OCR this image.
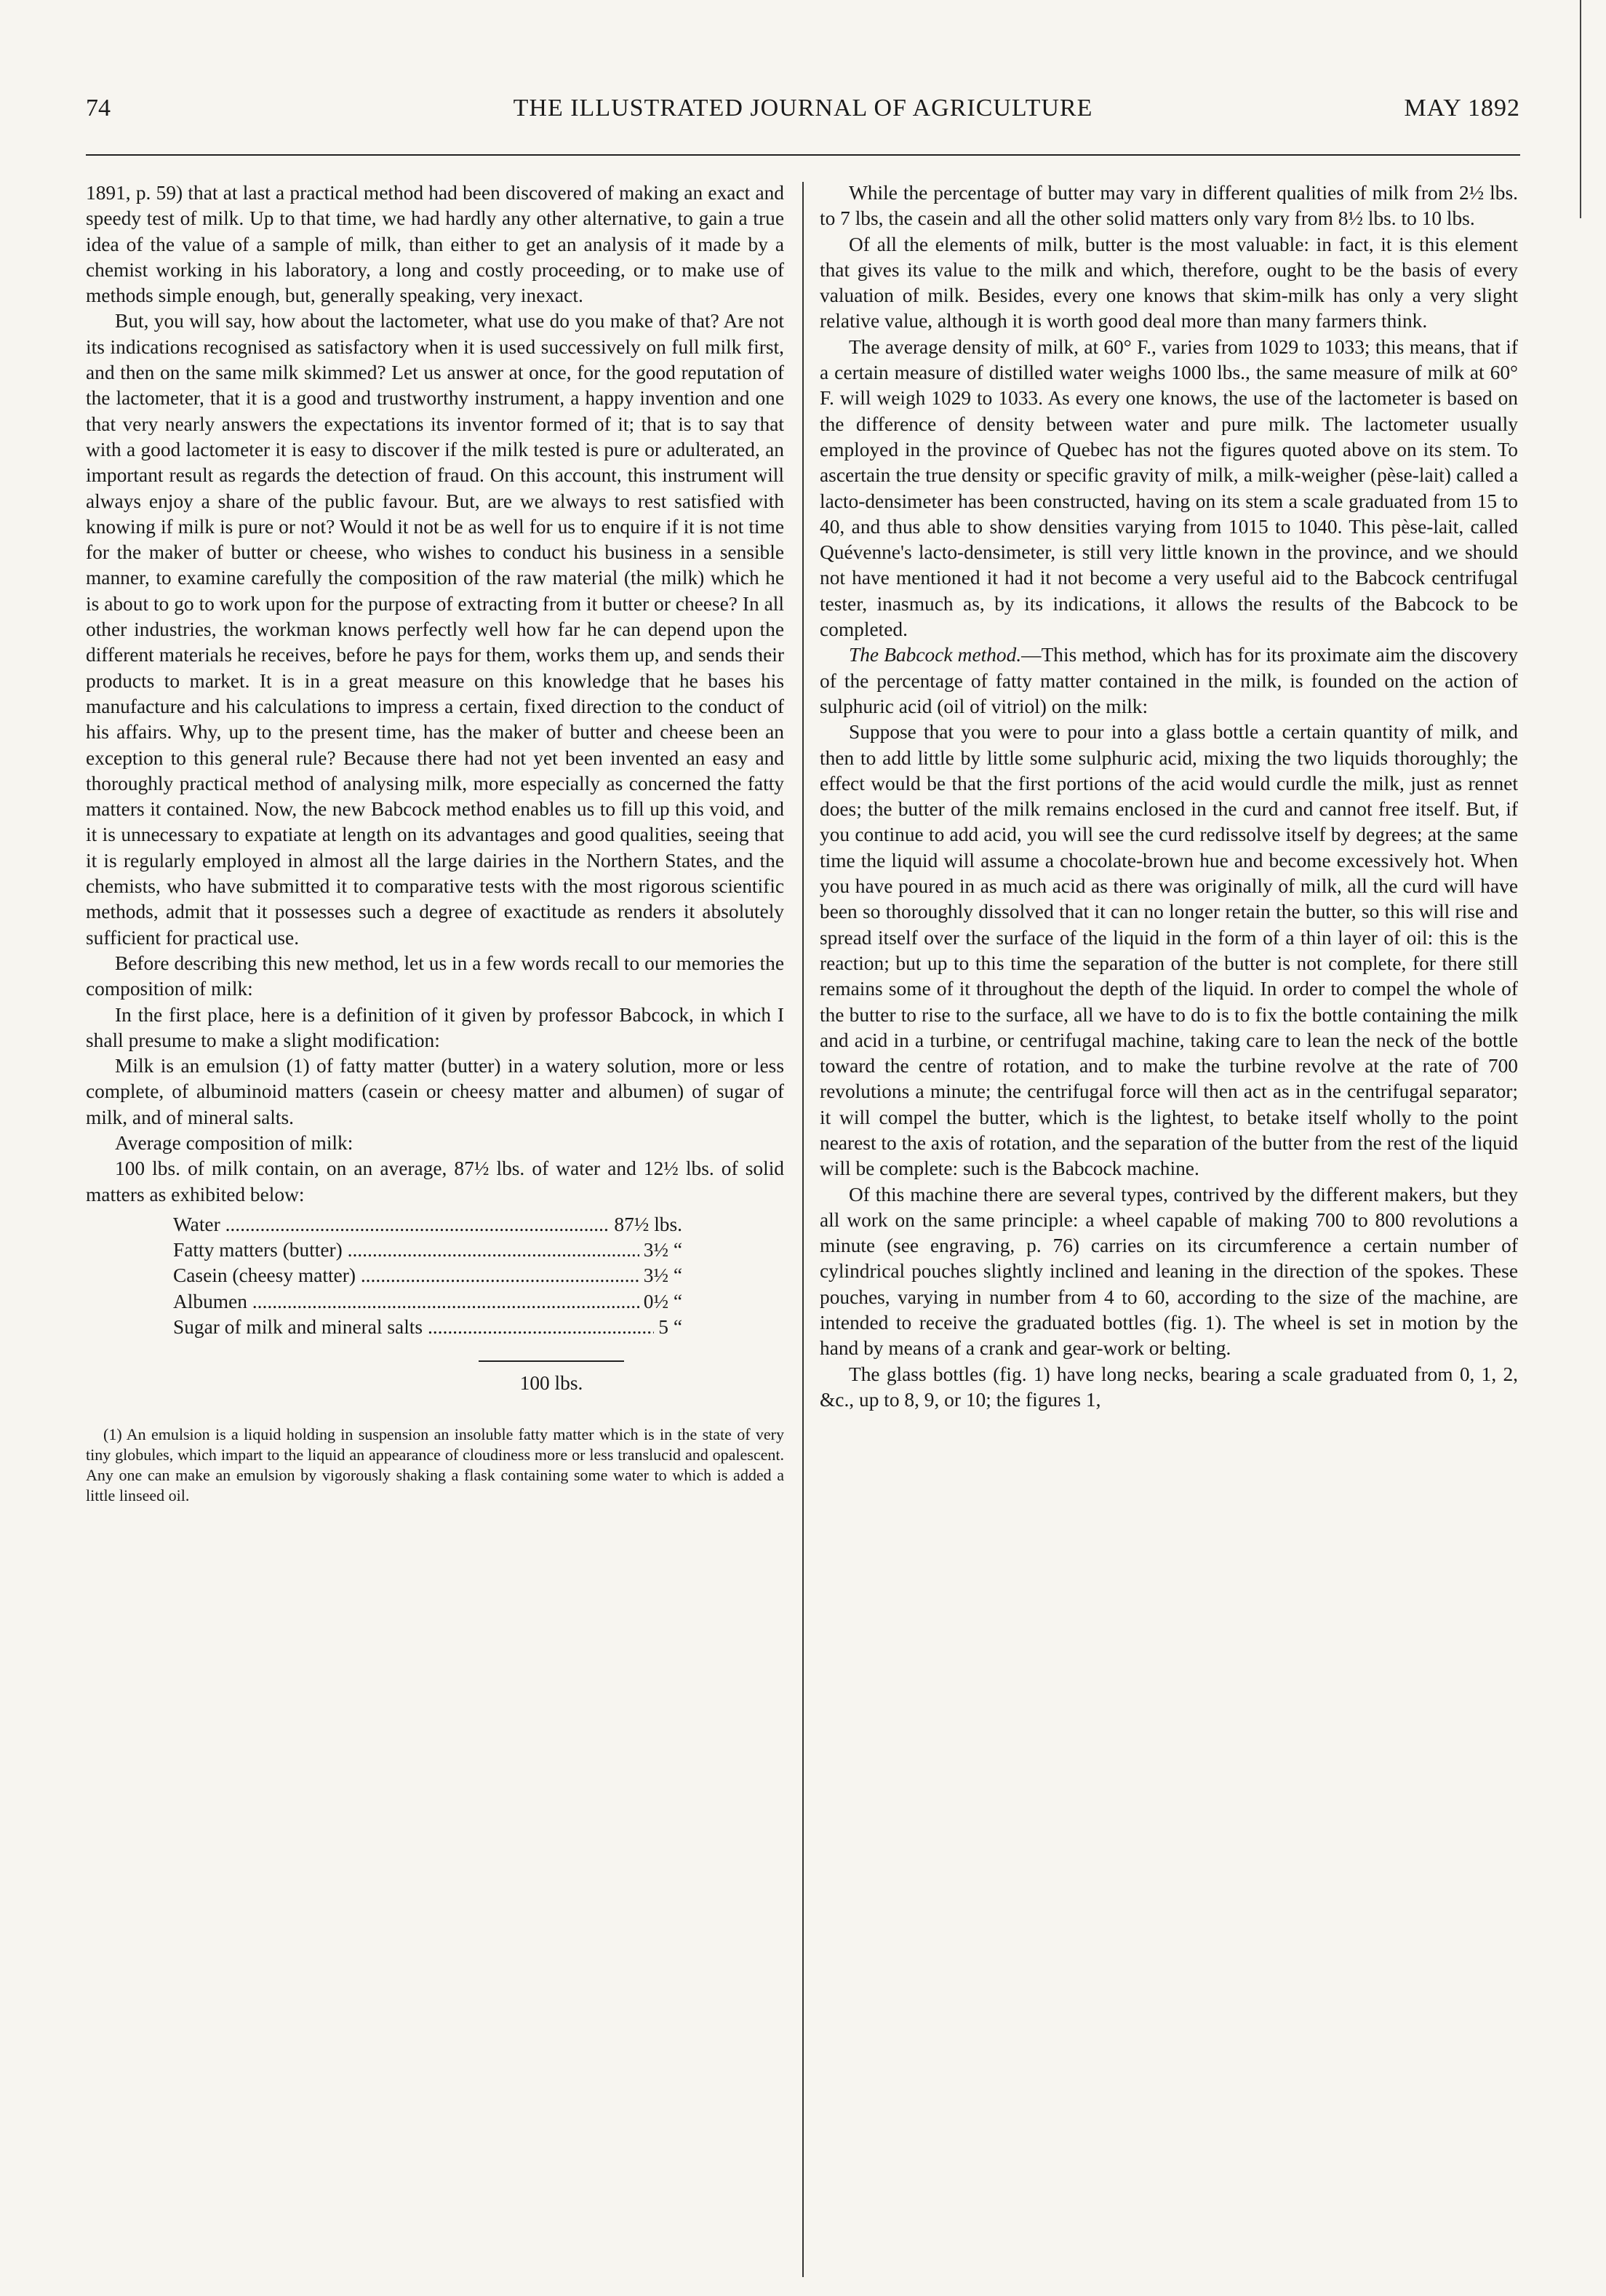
74	THE ILLUSTRATED JOURNAL OF AGRICULTURE	MAY 1892

1891, p. 59) that at last a practical method had been discovered of making an exact and speedy test of milk. Up to that time, we had hardly any other alternative, to gain a true idea of the value of a sample of milk, than either to get an analysis of it made by a chemist working in his laboratory, a long and costly proceeding, or to make use of methods simple enough, but, generally speaking, very inexact.

But, you will say, how about the lactometer, what use do you make of that? Are not its indications recognised as satisfactory when it is used successively on full milk first, and then on the same milk skimmed? Let us answer at once, for the good reputation of the lactometer, that it is a good and trustworthy instrument, a happy invention and one that very nearly answers the expectations its inventor formed of it; that is to say that with a good lactometer it is easy to discover if the milk tested is pure or adulterated, an important result as regards the detection of fraud. On this account, this instrument will always enjoy a share of the public favour. But, are we always to rest satisfied with knowing if milk is pure or not? Would it not be as well for us to enquire if it is not time for the maker of butter or cheese, who wishes to conduct his business in a sensible manner, to examine carefully the composition of the raw material (the milk) which he is about to go to work upon for the purpose of extracting from it butter or cheese? In all other industries, the workman knows perfectly well how far he can depend upon the different materials he receives, before he pays for them, works them up, and sends their products to market. It is in a great measure on this knowledge that he bases his manufacture and his calculations to impress a certain, fixed direction to the conduct of his affairs. Why, up to the present time, has the maker of butter and cheese been an exception to this general rule? Because there had not yet been invented an easy and thoroughly practical method of analysing milk, more especially as concerned the fatty matters it contained. Now, the new Babcock method enables us to fill up this void, and it is unnecessary to expatiate at length on its advantages and good qualities, seeing that it is regularly employed in almost all the large dairies in the Northern States, and the chemists, who have submitted it to comparative tests with the most rigorous scientific methods, admit that it possesses such a degree of exactitude as renders it absolutely sufficient for practical use.

Before describing this new method, let us in a few words recall to our memories the composition of milk:

In the first place, here is a definition of it given by professor Babcock, in which I shall presume to make a slight modification:

Milk is an emulsion (1) of fatty matter (butter) in a watery solution, more or less complete, of albuminoid matters (casein or cheesy matter and albumen) of sugar of milk, and of mineral salts.

Average composition of milk:

100 lbs. of milk contain, on an average, 87½ lbs. of water and 12½ lbs. of solid matters as exhibited below:

Water .....	87½ lbs.
Fatty matters (butter) .....	3½ “
Casein (cheesy matter) .....	3½ “
Albumen .....	0½ “
Sugar of milk and mineral salts .....	5 “
100 lbs.

(1) An emulsion is a liquid holding in suspension an insoluble fatty matter which is in the state of very tiny globules, which impart to the liquid an appearance of cloudiness more or less translucid and opalescent. Any one can make an emulsion by vigorously shaking a flask containing some water to which is added a little linseed oil.

While the percentage of butter may vary in different qualities of milk from 2½ lbs. to 7 lbs, the casein and all the other solid matters only vary from 8½ lbs. to 10 lbs.

Of all the elements of milk, butter is the most valuable: in fact, it is this element that gives its value to the milk and which, therefore, ought to be the basis of every valuation of milk. Besides, every one knows that skim-milk has only a very slight relative value, although it is worth good deal more than many farmers think.

The average density of milk, at 60° F., varies from 1029 to 1033; this means, that if a certain measure of distilled water weighs 1000 lbs., the same measure of milk at 60° F. will weigh 1029 to 1033. As every one knows, the use of the lactometer is based on the difference of density between water and pure milk. The lactometer usually employed in the province of Quebec has not the figures quoted above on its stem. To ascertain the true density or specific gravity of milk, a milk-weigher (pèse-lait) called a lacto-densimeter has been constructed, having on its stem a scale graduated from 15 to 40, and thus able to show densities varying from 1015 to 1040. This pèse-lait, called Quévenne's lacto-densimeter, is still very little known in the province, and we should not have mentioned it had it not become a very useful aid to the Babcock centrifugal tester, inasmuch as, by its indications, it allows the results of the Babcock to be completed.

The Babcock method.—This method, which has for its proximate aim the discovery of the percentage of fatty matter contained in the milk, is founded on the action of sulphuric acid (oil of vitriol) on the milk:

Suppose that you were to pour into a glass bottle a certain quantity of milk, and then to add little by little some sulphuric acid, mixing the two liquids thoroughly; the effect would be that the first portions of the acid would curdle the milk, just as rennet does; the butter of the milk remains enclosed in the curd and cannot free itself. But, if you continue to add acid, you will see the curd redissolve itself by degrees; at the same time the liquid will assume a chocolate-brown hue and become excessively hot. When you have poured in as much acid as there was originally of milk, all the curd will have been so thoroughly dissolved that it can no longer retain the butter, so this will rise and spread itself over the surface of the liquid in the form of a thin layer of oil: this is the reaction; but up to this time the separation of the butter is not complete, for there still remains some of it throughout the depth of the liquid. In order to compel the whole of the butter to rise to the surface, all we have to do is to fix the bottle containing the milk and acid in a turbine, or centrifugal machine, taking care to lean the neck of the bottle toward the centre of rotation, and to make the turbine revolve at the rate of 700 revolutions a minute; the centrifugal force will then act as in the centrifugal separator; it will compel the butter, which is the lightest, to betake itself wholly to the point nearest to the axis of rotation, and the separation of the butter from the rest of the liquid will be complete: such is the Babcock machine.

Of this machine there are several types, contrived by the different makers, but they all work on the same principle: a wheel capable of making 700 to 800 revolutions a minute (see engraving, p. 76) carries on its circumference a certain number of cylindrical pouches slightly inclined and leaning in the direction of the spokes. These pouches, varying in number from 4 to 60, according to the size of the machine, are intended to receive the graduated bottles (fig. 1). The wheel is set in motion by the hand by means of a crank and gear-work or belting.

The glass bottles (fig. 1) have long necks, bearing a scale graduated from 0, 1, 2, &c., up to 8, 9, or 10; the figures 1,
